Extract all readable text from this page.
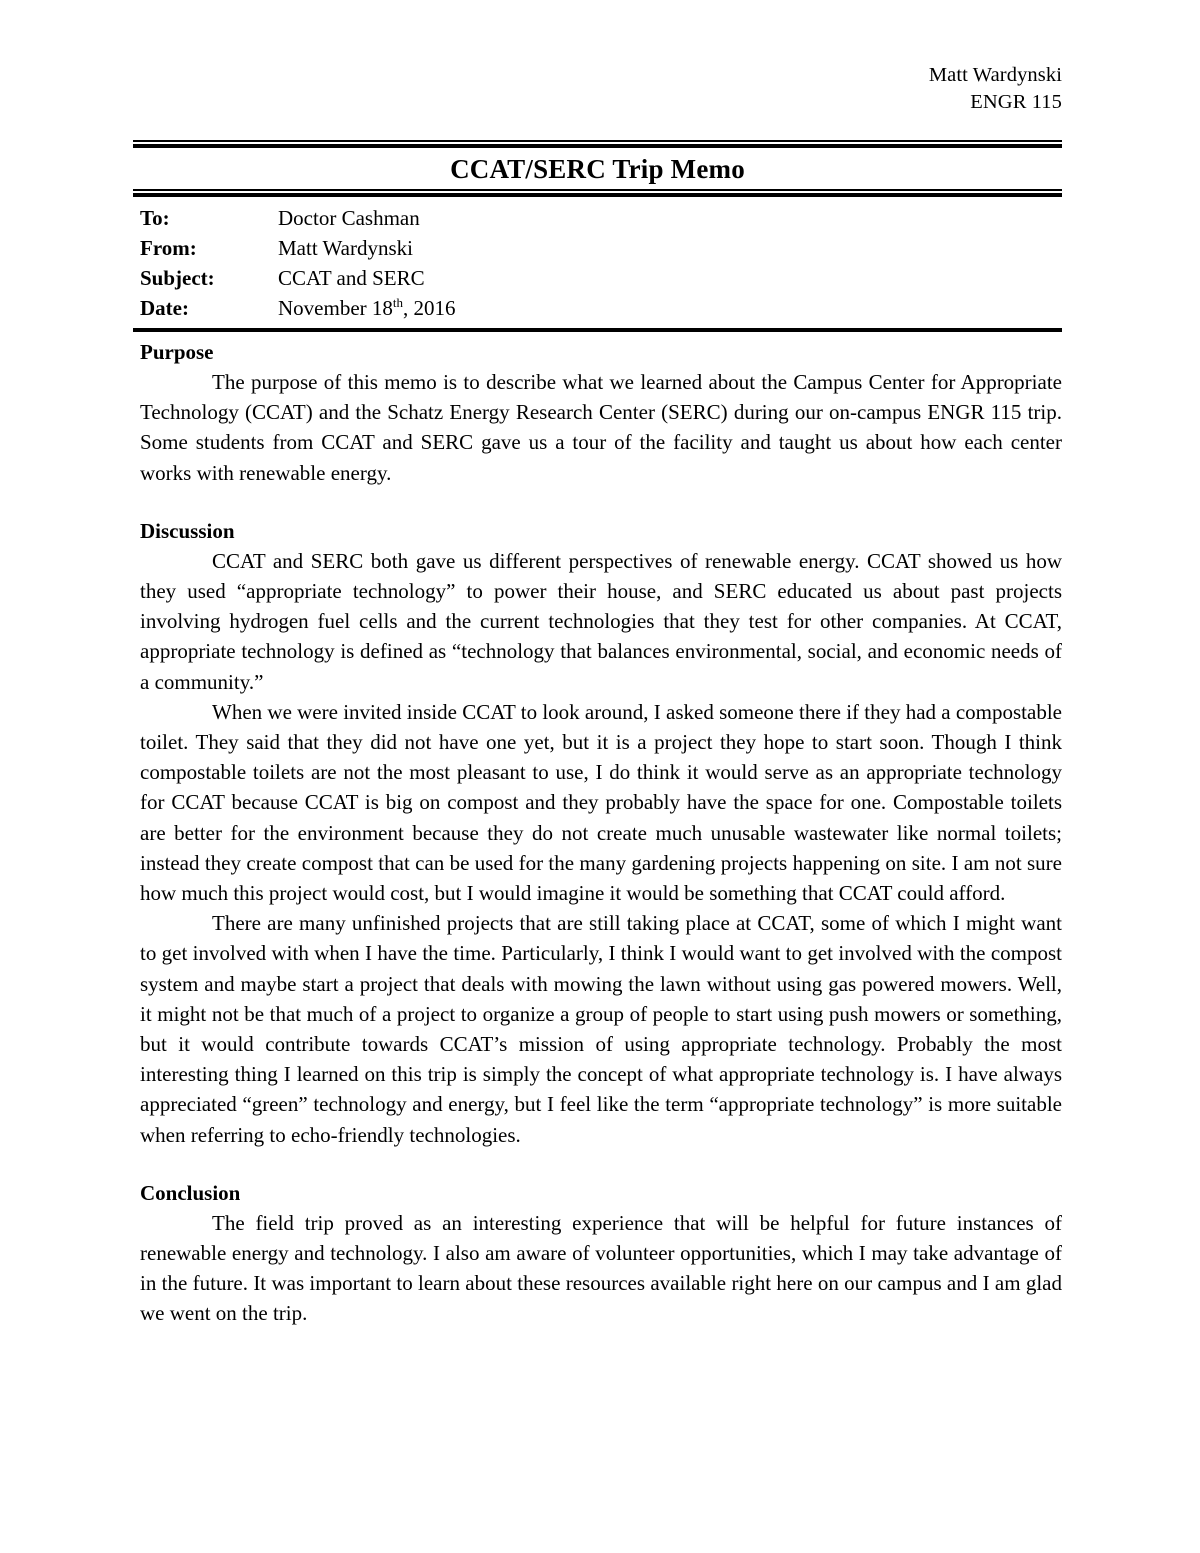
Matt Wardynski
ENGR 115
CCAT/SERC Trip Memo
To:	Doctor Cashman
From:	Matt Wardynski
Subject:	CCAT and SERC
Date:	November 18th, 2016
Purpose

The purpose of this memo is to describe what we learned about the Campus Center for Appropriate Technology (CCAT) and the Schatz Energy Research Center (SERC) during our on-campus ENGR 115 trip. Some students from CCAT and SERC gave us a tour of the facility and taught us about how each center works with renewable energy.

Discussion

CCAT and SERC both gave us different perspectives of renewable energy. CCAT showed us how they used “appropriate technology” to power their house, and SERC educated us about past projects involving hydrogen fuel cells and the current technologies that they test for other companies. At CCAT, appropriate technology is defined as “technology that balances environmental, social, and economic needs of a community.”

When we were invited inside CCAT to look around, I asked someone there if they had a compostable toilet. They said that they did not have one yet, but it is a project they hope to start soon. Though I think compostable toilets are not the most pleasant to use, I do think it would serve as an appropriate technology for CCAT because CCAT is big on compost and they probably have the space for one. Compostable toilets are better for the environment because they do not create much unusable wastewater like normal toilets; instead they create compost that can be used for the many gardening projects happening on site. I am not sure how much this project would cost, but I would imagine it would be something that CCAT could afford.

There are many unfinished projects that are still taking place at CCAT, some of which I might want to get involved with when I have the time. Particularly, I think I would want to get involved with the compost system and maybe start a project that deals with mowing the lawn without using gas powered mowers. Well, it might not be that much of a project to organize a group of people to start using push mowers or something, but it would contribute towards CCAT’s mission of using appropriate technology. Probably the most interesting thing I learned on this trip is simply the concept of what appropriate technology is. I have always appreciated “green” technology and energy, but I feel like the term “appropriate technology” is more suitable when referring to echo-friendly technologies.

Conclusion

The field trip proved as an interesting experience that will be helpful for future instances of renewable energy and technology. I also am aware of volunteer opportunities, which I may take advantage of in the future. It was important to learn about these resources available right here on our campus and I am glad we went on the trip.
